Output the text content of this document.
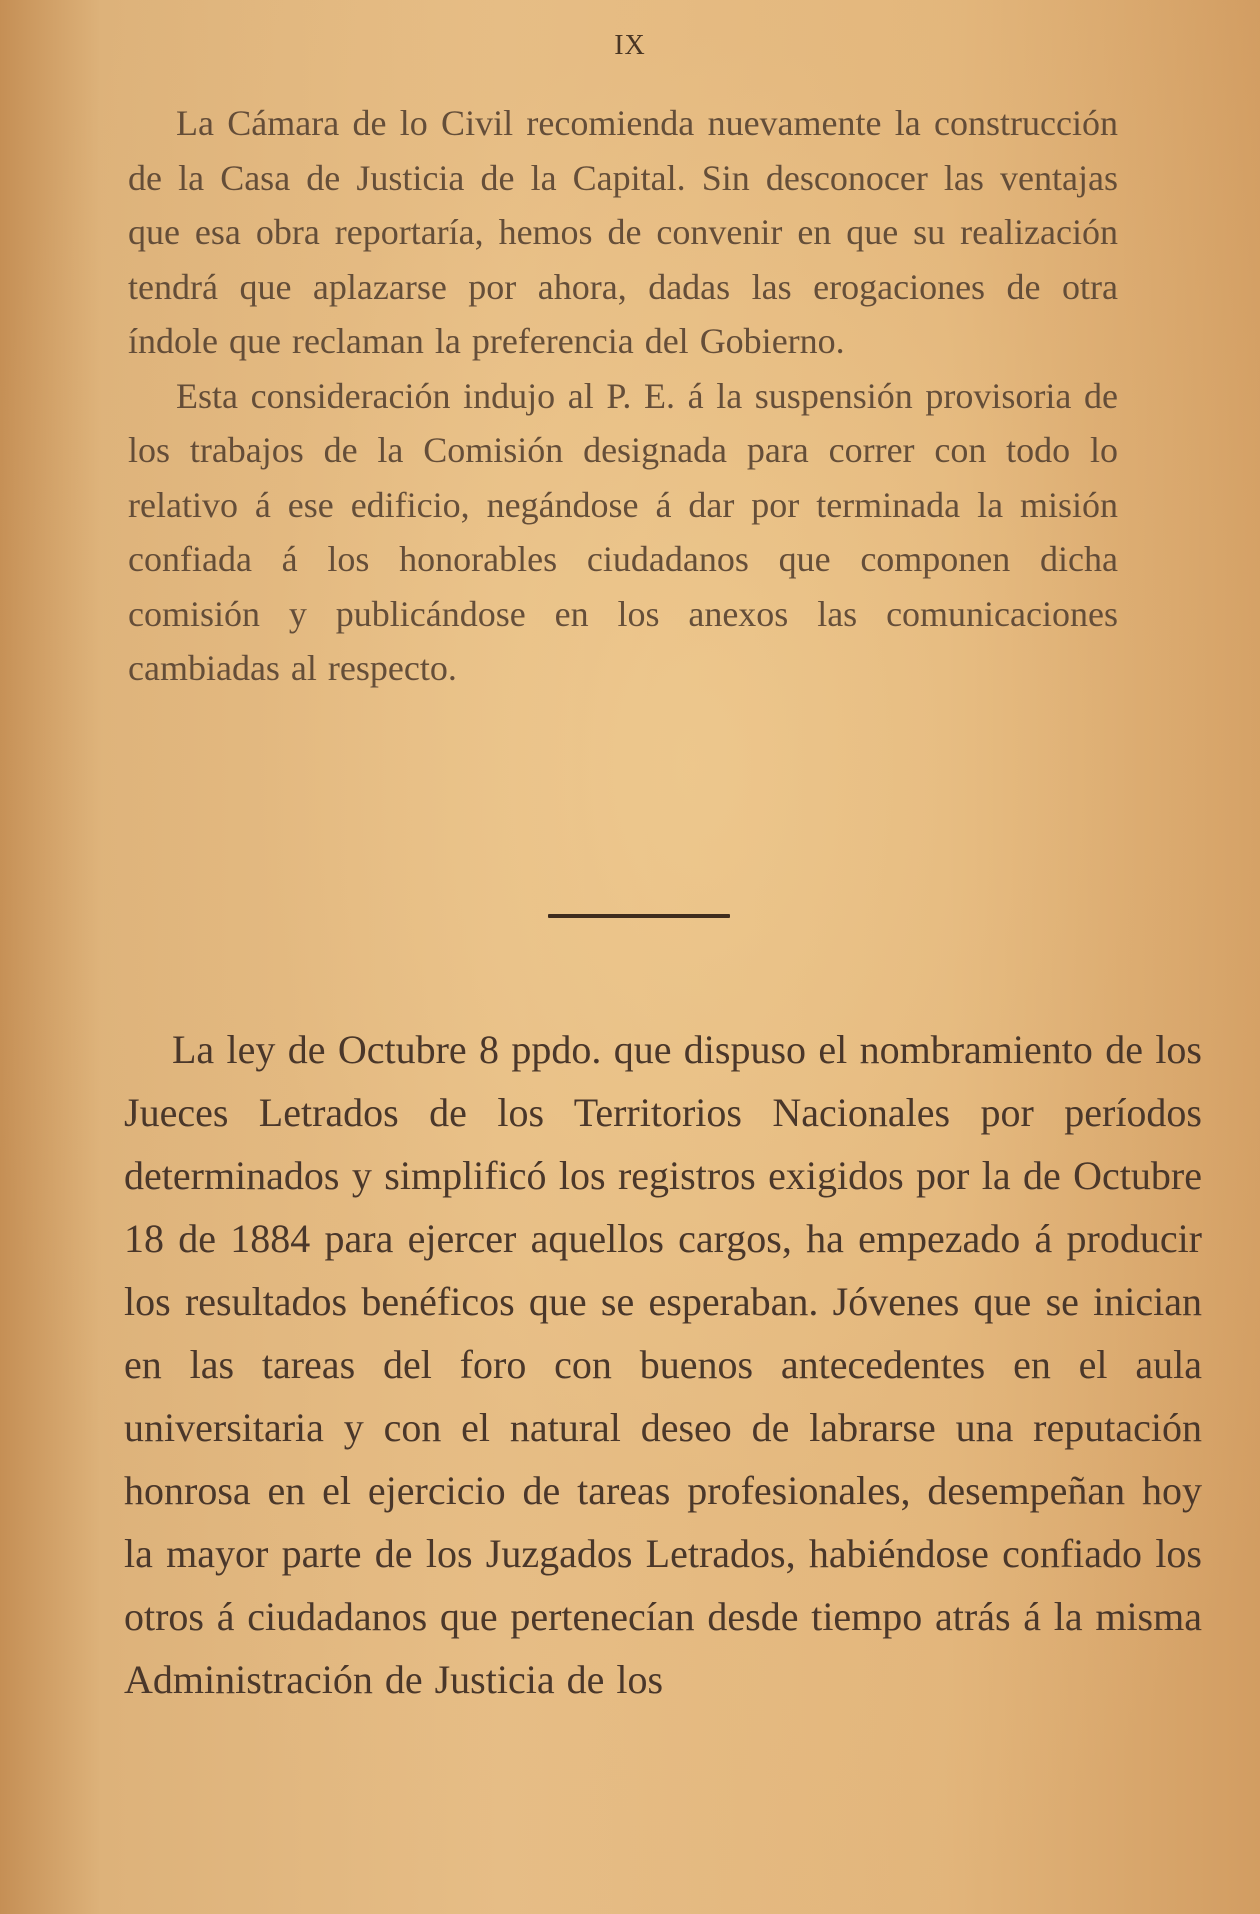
IX

La Cámara de lo Civil recomienda nuevamente la construcción de la Casa de Justicia de la Capital. Sin desconocer las ventajas que esa obra reportaría, hemos de convenir en que su realización tendrá que aplazarse por ahora, dadas las erogaciones de otra índole que reclaman la preferencia del Gobierno.

Esta consideración indujo al P. E. á la suspensión provisoria de los trabajos de la Comisión designada para correr con todo lo relativo á ese edificio, negándose á dar por terminada la misión confiada á los honorables ciudadanos que componen dicha comisión y publicándose en los anexos las comunicaciones cambiadas al respecto.

La ley de Octubre 8 ppdo. que dispuso el nombramiento de los Jueces Letrados de los Territorios Nacionales por períodos determinados y simplificó los registros exigidos por la de Octubre 18 de 1884 para ejercer aquellos cargos, ha empezado á producir los resultados benéficos que se esperaban. Jóvenes que se inician en las tareas del foro con buenos antecedentes en el aula universitaria y con el natural deseo de labrarse una reputación honrosa en el ejercicio de tareas profesionales, desempeñan hoy la mayor parte de los Juzgados Letrados, habiéndose confiado los otros á ciudadanos que pertenecían desde tiempo atrás á la misma Administración de Justicia de los
